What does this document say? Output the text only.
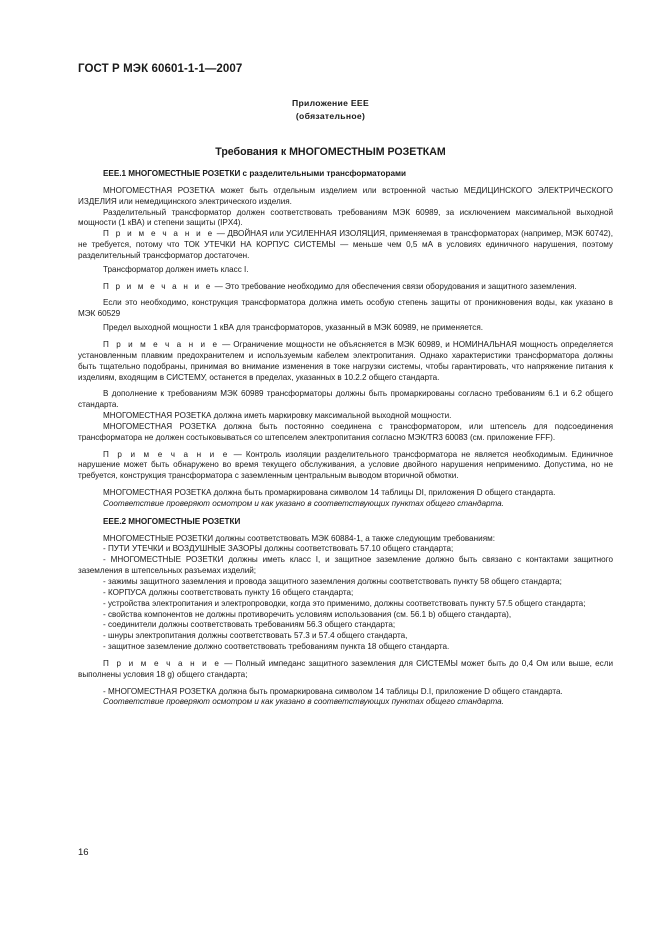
ГОСТ Р МЭК 60601-1-1—2007
Приложение ЕЕЕ
(обязательное)
Требования к МНОГОМЕСТНЫМ РОЗЕТКАМ

ЕЕЕ.1 МНОГОМЕСТНЫЕ РОЗЕТКИ с разделительными трансформаторами

МНОГОМЕСТНАЯ РОЗЕТКА может быть отдельным изделием или встроенной частью МЕДИЦИНСКОГО ЭЛЕКТРИЧЕСКОГО ИЗДЕЛИЯ или немедицинского электрического изделия.

Разделительный трансформатор должен соответствовать требованиям МЭК 60989, за исключением максимальной выходной мощности (1 кВА) и степени защиты (IPX4).

П р и м е ч а н и е — ДВОЙНАЯ или УСИЛЕННАЯ ИЗОЛЯЦИЯ, применяемая в трансформаторах (например, МЭК 60742), не требуется, потому что ТОК УТЕЧКИ НА КОРПУС СИСТЕМЫ — меньше чем 0,5 мА в условиях единичного нарушения, поэтому разделительный трансформатор достаточен.

Трансформатор должен иметь класс I.

П р и м е ч а н и е — Это требование необходимо для обеспечения связи оборудования и защитного заземления.

Если это необходимо, конструкция трансформатора должна иметь особую степень защиты от проникновения воды, как указано в МЭК 60529

Предел выходной мощности 1 кВА для трансформаторов, указанный в МЭК 60989, не применяется.

П р и м е ч а н и е — Ограничение мощности не объясняется в МЭК 60989, и НОМИНАЛЬНАЯ мощность определяется установленным плавким предохранителем и используемым кабелем электропитания. Однако характеристики трансформатора должны быть тщательно подобраны, принимая во внимание изменения в токе нагрузки системы, чтобы гарантировать, что напряжение питания к изделиям, входящим в СИСТЕМУ, останется в пределах, указанных в 10.2.2 общего стандарта.

В дополнение к требованиям МЭК 60989 трансформаторы должны быть промаркированы согласно требованиям 6.1 и 6.2 общего стандарта.

МНОГОМЕСТНАЯ РОЗЕТКА должна иметь маркировку максимальной выходной мощности.

МНОГОМЕСТНАЯ РОЗЕТКА должна быть постоянно соединена с трансформатором, или штепсель для подсоединения трансформатора не должен состыковываться со штепселем электропитания согласно МЭК/TR3 60083 (см. приложение FFF).

П р и м е ч а н и е — Контроль изоляции разделительного трансформатора не является необходимым. Единичное нарушение может быть обнаружено во время текущего обслуживания, а условие двойного нарушения неприменимо. Допустима, но не требуется, конструкция трансформатора с заземленным центральным выводом вторичной обмотки.

МНОГОМЕСТНАЯ РОЗЕТКА должна быть промаркирована символом 14 таблицы DI, приложения D общего стандарта.

Соответствие проверяют осмотром и как указано в соответствующих пунктах общего стандарта.

ЕЕЕ.2 МНОГОМЕСТНЫЕ РОЗЕТКИ

МНОГОМЕСТНЫЕ РОЗЕТКИ должны соответствовать МЭК 60884-1, а также следующим требованиям:

- ПУТИ УТЕЧКИ и ВОЗДУШНЫЕ ЗАЗОРЫ должны соответствовать 57.10 общего стандарта;

- МНОГОМЕСТНЫЕ РОЗЕТКИ должны иметь класс I, и защитное заземление должно быть связано с контактами защитного заземления в штепсельных разъемах изделий;

- зажимы защитного заземления и провода защитного заземления должны соответствовать пункту 58 общего стандарта;

- КОРПУСА должны соответствовать пункту 16 общего стандарта;

- устройства электропитания и электропроводки, когда это применимо, должны соответствовать пункту 57.5 общего стандарта;

- свойства компонентов не должны противоречить условиям использования (см. 56.1 b) общего стандарта),

- соединители должны соответствовать требованиям 56.3 общего стандарта;

- шнуры электропитания должны соответствовать 57.3 и 57.4 общего стандарта,

- защитное заземление должно соответствовать требованиям пункта 18 общего стандарта.

П р и м е ч а н и е — Полный импеданс защитного заземления для СИСТЕМЫ может быть до 0,4 Ом или выше, если выполнены условия 18 g) общего стандарта;

- МНОГОМЕСТНАЯ РОЗЕТКА должна быть промаркирована символом 14 таблицы D.I, приложение D общего стандарта.

Соответствие проверяют осмотром и как указано в соответствующих пунктах общего стандарта.

16
